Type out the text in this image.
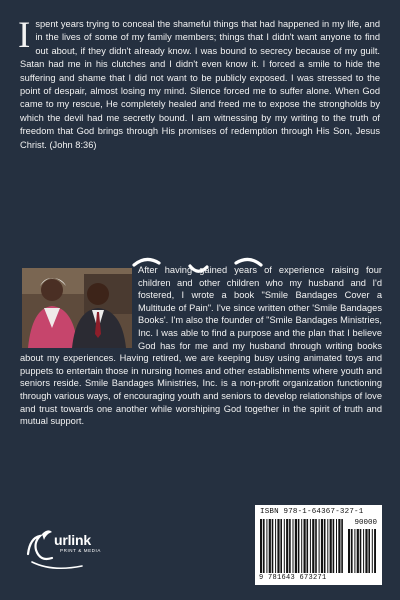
I spent years trying to conceal the shameful things that had happened in my life, and in the lives of some of my family members; things that I didn't want anyone to find out about, if they didn't already know. I was bound to secrecy because of my guilt. Satan had me in his clutches and I didn't even know it. I forced a smile to hide the suffering and shame that I did not want to be publicly exposed. I was stressed to the point of despair, almost losing my mind. Silence forced me to suffer alone. When God came to my rescue, He completely healed and freed me to expose the strongholds by which the devil had me secretly bound. I am witnessing by my writing to the truth of freedom that God brings through His promises of redemption through His Son, Jesus Christ. (John 8:36)

After having gained years of experience raising four children and other children who my husband and I'd fostered, I wrote a book "Smile Bandages Cover a Multitude of Pain". I've since written other 'Smile Bandages Books'. I'm also the founder of "Smile Bandages Ministries, Inc. I was able to find a purpose and the plan that I believe God has for me and my husband through writing books about my experiences. Having retired, we are keeping busy using animated toys and puppets to entertain those in nursing homes and other establishments where youth and seniors reside. Smile Bandages Ministries, Inc. is a non-profit organization functioning through various ways, of encouraging youth and seniors to develop relationships of love and trust towards one another while worshiping God together in the spirit of truth and mutual support.

urlink
PRINT & MEDIA
ISBN 978-1-64367-327-1
90000
9 781643 673271
